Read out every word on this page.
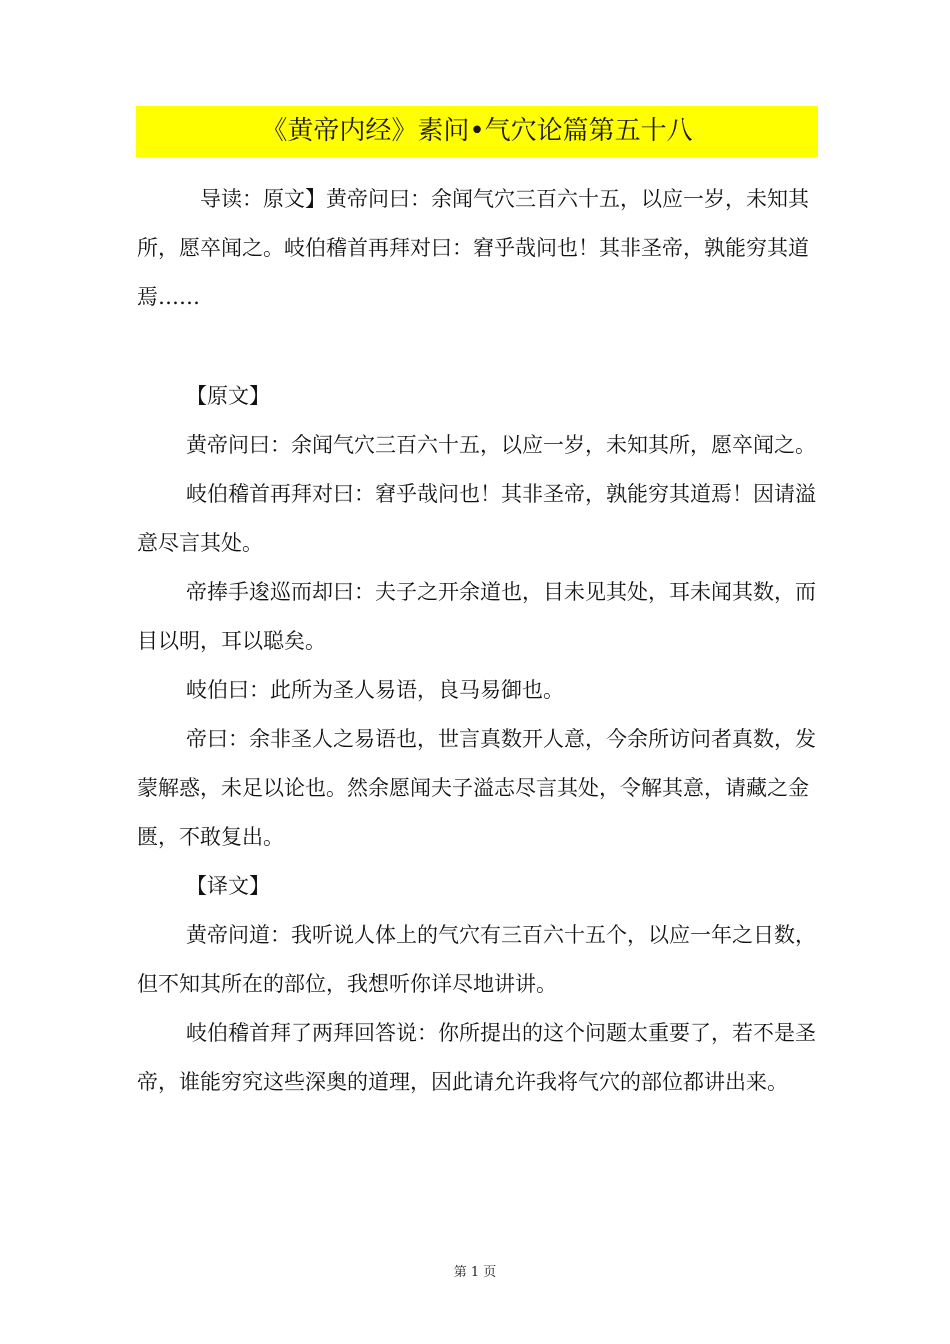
《黄帝内经》素问•气穴论篇第五十八

导读：原文】黄帝问曰：余闻气穴三百六十五，以应一岁，未知其所，愿卒闻之。岐伯稽首再拜对曰：窘乎哉问也！其非圣帝，孰能穷其道焉……

【原文】

黄帝问曰：余闻气穴三百六十五，以应一岁，未知其所，愿卒闻之。

岐伯稽首再拜对曰：窘乎哉问也！其非圣帝，孰能穷其道焉！因请溢意尽言其处。

帝捧手逡巡而却曰：夫子之开余道也，目未见其处，耳未闻其数，而目以明，耳以聪矣。

岐伯曰：此所为圣人易语，良马易御也。

帝曰：余非圣人之易语也，世言真数开人意，今余所访问者真数，发蒙解惑，未足以论也。然余愿闻夫子溢志尽言其处，令解其意，请藏之金匮，不敢复出。

【译文】

黄帝问道：我听说人体上的气穴有三百六十五个，以应一年之日数，但不知其所在的部位，我想听你详尽地讲讲。

岐伯稽首拜了两拜回答说：你所提出的这个问题太重要了，若不是圣帝，谁能穷究这些深奥的道理，因此请允许我将气穴的部位都讲出来。

第 1 页
